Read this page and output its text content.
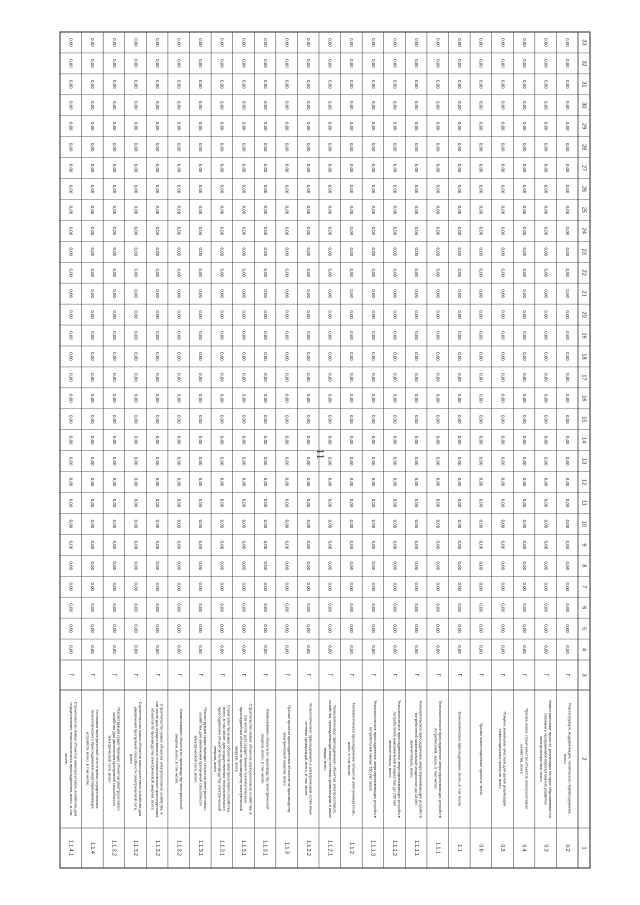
11
1
2
3
4
5
6
7
8
9
10
11
12
13
14
15
16
17
18
19
20
21
22
23
24
25
26
27
28
29
30
31
32
33
0.2
Реконструкция, модернизация, техническое перевооружение,
всего
Г
0,00
0,00
0,00
0,00
0,00
0,00
0,00
0,00
0,00
0,00
0,00
0,00
0,00
0,00
0,00
0,00
0,00
0,00
0,00
0,00
0,00
0,00
0,00
0,00
0,00
0,00
0,00
0,00
0,00
0,00
0.3
Инвестиционные проекты, реализация которых обуславливается
схемами и программами перспективного развития
электроэнергетики, всего
Г
0,00
0,00
0,00
0,00
0,00
0,00
0,00
0,00
0,00
0,00
0,00
0,00
0,00
0,00
0,00
0,00
0,00
0,00
0,00
0,00
0,00
0,00
0,00
0,00
0,00
0,00
0,00
0,00
0,00
0,00
0.4
Прочее новое строительство объектов электросетевого
хозяйства, всего
Г
0,00
0,00
0,00
0,00
0,00
0,00
0,00
0,00
0,00
0,00
0,00
0,00
0,00
0,00
0,00
0,00
0,00
0,00
0,00
0,00
0,00
0,00
0,00
0,00
0,00
0,00
0,00
0,00
0,00
0,00
0.5
Покупка земельных участков для целей реализации
инвестиционных проектов, всего
Г
0,00
0,00
0,00
0,00
0,00
0,00
0,00
0,00
0,00
0,00
0,00
0,00
0,00
0,00
0,00
0,00
0,00
0,00
0,00
0,00
0,00
0,00
0,00
0,00
0,00
0,00
0,00
0,00
0,00
0,00
0.6
Прочие инвестиционные проекты, всего
Г
0,00
0,00
0,00
0,00
0,00
0,00
0,00
0,00
0,00
0,00
0,00
0,00
0,00
0,00
0,00
0,00
0,00
0,00
0,00
0,00
0,00
0,00
0,00
0,00
0,00
0,00
0,00
0,00
0,00
0,00
1.1
Технологическое присоединение, всего, в том числе:
Г
0,00
0,00
0,00
0,00
0,00
0,00
0,00
0,00
0,00
0,00
0,00
0,00
0,00
0,00
0,00
0,00
0,00
0,00
0,00
0,00
0,00
0,00
0,00
0,00
0,00
0,00
0,00
0,00
0,00
0,00
1.1.1
Технологическое присоединение энергопринимающих устройств
потребителей, всего, в том числе:
Г
0,00
0,00
0,00
0,00
0,00
0,00
0,00
0,00
0,00
0,00
0,00
0,00
0,00
0,00
0,00
0,00
0,00
0,00
0,00
0,00
0,00
0,00
0,00
0,00
0,00
0,00
0,00
0,00
0,00
0,00
1.1.1.1
Технологическое присоединение энергопринимающих устройств
потребителей максимальной мощностью до 15 кВт
включительно, всего
Г
0,00
0,00
0,00
0,00
0,00
0,00
0,00
0,00
0,00
0,00
0,00
0,00
0,00
0,00
0,00
0,00
0,00
0,00
0,00
0,00
0,00
0,00
0,00
0,00
0,00
0,00
0,00
0,00
0,00
0,00
1.1.1.2
Технологическое присоединение энергопринимающих устройств
потребителей максимальной мощностью до 150 кВт
включительно, всего
Г
0,00
0,00
0,00
0,00
0,00
0,00
0,00
0,00
0,00
0,00
0,00
0,00
0,00
0,00
0,00
0,00
0,00
0,00
0,00
0,00
0,00
0,00
0,00
0,00
0,00
0,00
0,00
0,00
0,00
0,00
1.1.1.3
Технологическое присоединение энергопринимающих устройств
потребителей свыше 150 кВт, всего
Г
0,00
0,00
0,00
0,00
0,00
0,00
0,00
0,00
0,00
0,00
0,00
0,00
0,00
0,00
0,00
0,00
0,00
0,00
0,00
0,00
0,00
0,00
0,00
0,00
0,00
0,00
0,00
0,00
0,00
0,00
1.1.2
Технологическое присоединение объектов электроэнергетики,
всего, в том числе:
Г
0,00
0,00
0,00
0,00
0,00
0,00
0,00
0,00
0,00
0,00
0,00
0,00
0,00
0,00
0,00
0,00
0,00
0,00
0,00
0,00
0,00
0,00
0,00
0,00
0,00
0,00
0,00
0,00
0,00
0,00
1.1.2.1
Технологическое присоединение объектов электросетевого
хозяйства, принадлежащих иным сетевым организациям и иным
лицам, всего
Г
0,00
0,00
0,00
0,00
0,00
0,00
0,00
0,00
0,00
0,00
0,00
0,00
0,00
0,00
0,00
0,00
0,00
0,00
0,00
0,00
0,00
0,00
0,00
0,00
0,00
0,00
0,00
0,00
0,00
0,00
1.1.2.2
Технологическое присоединение к электрическим сетям иных
сетевых организаций, всего, в том числе:
Г
0,00
0,00
0,00
0,00
0,00
0,00
0,00
0,00
0,00
0,00
0,00
0,00
0,00
0,00
0,00
0,00
0,00
0,00
0,00
0,00
0,00
0,00
0,00
0,00
0,00
0,00
0,00
0,00
0,00
0,00
1.1.3
Прочие проекты присоединения объектов по производству
электрической энергии, всего
Г
0,00
0,00
0,00
0,00
0,00
0,00
0,00
0,00
0,00
0,00
0,00
0,00
0,00
0,00
0,00
0,00
0,00
0,00
0,00
0,00
0,00
0,00
0,00
0,00
0,00
0,00
0,00
0,00
0,00
0,00
1.1.3.1
Наименование объекта по производству электрической
энергии, всего, в том числе:
Г
0,00
0,00
0,00
0,00
0,00
0,00
0,00
0,00
0,00
0,00
0,00
0,00
0,00
0,00
0,00
0,00
0,00
0,00
0,00
0,00
0,00
0,00
0,00
0,00
0,00
0,00
0,00
0,00
0,00
0,00
1.1.3.1
Строительство новых объектов электросетевого хозяйства, в
том числе: для осуществления технологического
присоединения объектов по производству электрической
энергии, всего
Г
0,00
0,00
0,00
0,00
0,00
0,00
0,00
0,00
0,00
0,00
0,00
0,00
0,00
0,00
0,00
0,00
0,00
0,00
0,00
0,00
0,00
0,00
0,00
0,00
0,00
0,00
0,00
0,00
0,00
0,00
1.1.3.1
Строительство новых объектов электросетевого хозяйства,
всего, в том числе: для осуществления технологического
присоединения объектов по производству электрической
энергии, всего
Г
0,00
0,00
0,00
0,00
0,00
0,00
0,00
0,00
0,00
0,00
0,00
0,00
0,00
0,00
0,00
0,00
0,00
0,00
0,00
0,00
0,00
0,00
0,00
0,00
0,00
0,00
0,00
0,00
0,00
0,00
1.1.3.1
Реконструкция существующих объектов электросетевого
хозяйства для увеличения пропускной способности
электрической сети, всего
Г
0,00
0,00
0,00
0,00
0,00
0,00
0,00
0,00
0,00
0,00
0,00
0,00
0,00
0,00
0,00
0,00
0,00
0,00
0,00
0,00
0,00
0,00
0,00
0,00
0,00
0,00
0,00
0,00
0,00
0,00
1.1.3.2
Наименование объекта по производству электрической
энергии, всего, в том числе:
Г
0,00
0,00
0,00
0,00
0,00
0,00
0,00
0,00
0,00
0,00
0,00
0,00
0,00
0,00
0,00
0,00
0,00
0,00
0,00
0,00
0,00
0,00
0,00
0,00
0,00
0,00
0,00
0,00
0,00
0,00
1.1.3.2
Строительство новых объектов электросетевого хозяйства, в
том числе для осуществления технологического присоединения
объектов по производству электрической энергии, всего
Г
0,00
0,00
0,00
0,00
0,00
0,00
0,00
0,00
0,00
0,00
0,00
0,00
0,00
0,00
0,00
0,00
0,00
0,00
0,00
0,00
0,00
0,00
0,00
0,00
0,00
0,00
0,00
0,00
0,00
0,00
1.1.3.2
Строительство новых объектов электросетевого хозяйства для
увеличения пропускной способности электрической сети,
всего
Г
0,00
0,00
0,00
0,00
0,00
0,00
0,00
0,00
0,00
0,00
0,00
0,00
0,00
0,00
0,00
0,00
0,00
0,00
0,00
0,00
0,00
0,00
0,00
0,00
0,00
0,00
0,00
0,00
0,00
0,00
1.1.3.2
Реконструкция существующих объектов электросетевого
хозяйства для увеличения пропускной способности
электрической сети, всего
Г
0,00
0,00
0,00
0,00
0,00
0,00
0,00
0,00
0,00
0,00
0,00
0,00
0,00
0,00
0,00
0,00
0,00
0,00
0,00
0,00
0,00
0,00
0,00
0,00
0,00
0,00
0,00
0,00
0,00
0,00
1.1.4
Установка электрической сети в целях осуществления
технологического присоединения энергопринимающих
устройств, всего, в том числе:
Г
0,00
0,00
0,00
0,00
0,00
0,00
0,00
0,00
0,00
0,00
0,00
0,00
0,00
0,00
0,00
0,00
0,00
0,00
0,00
0,00
0,00
0,00
0,00
0,00
0,00
0,00
0,00
0,00
0,00
0,00
1.1.4.1
Строительство новых объектов электросетевого хозяйства для
осуществления технологического присоединения, всего, в том
числе:
Г
0,00
0,00
0,00
0,00
0,00
0,00
0,00
0,00
0,00
0,00
0,00
0,00
0,00
0,00
0,00
0,00
0,00
0,00
0,00
0,00
0,00
0,00
0,00
0,00
0,00
0,00
0,00
0,00
0,00
0,00
